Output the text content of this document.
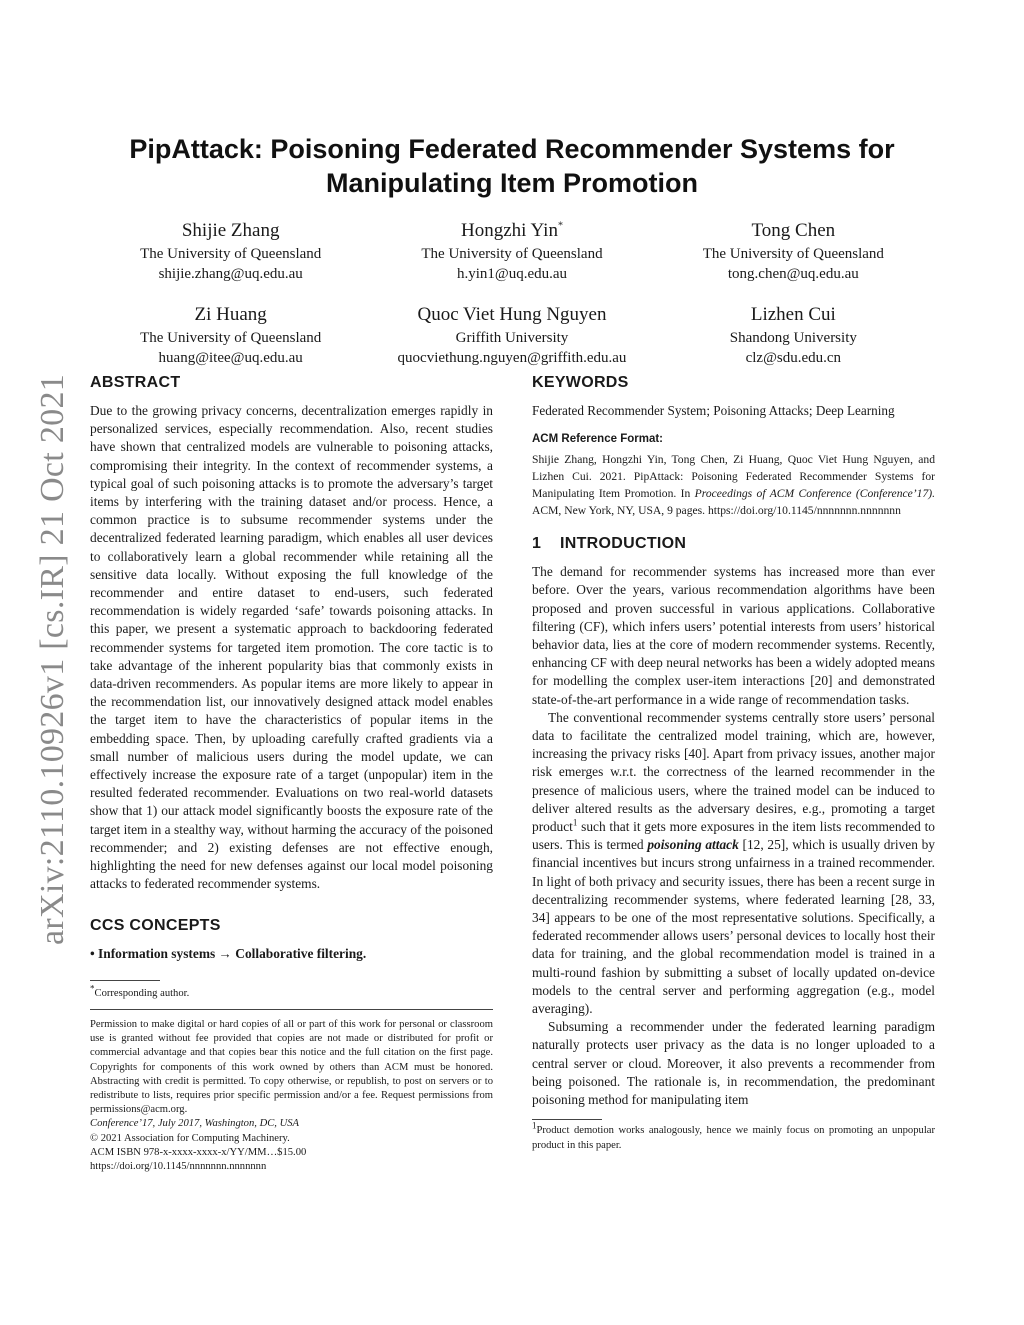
arXiv:2110.10926v1 [cs.IR] 21 Oct 2021
PipAttack: Poisoning Federated Recommender Systems for
Manipulating Item Promotion
Shijie Zhang
The University of Queensland
shijie.zhang@uq.edu.au
Hongzhi Yin*
The University of Queensland
h.yin1@uq.edu.au
Tong Chen
The University of Queensland
tong.chen@uq.edu.au
Zi Huang
The University of Queensland
huang@itee@uq.edu.au
Quoc Viet Hung Nguyen
Griffith University
quocviethung.nguyen@griffith.edu.au
Lizhen Cui
Shandong University
clz@sdu.edu.cn
ABSTRACT

Due to the growing privacy concerns, decentralization emerges rapidly in personalized services, especially recommendation. Also, recent studies have shown that centralized models are vulnerable to poisoning attacks, compromising their integrity. In the context of recommender systems, a typical goal of such poisoning attacks is to promote the adversary’s target items by interfering with the training dataset and/or process. Hence, a common practice is to subsume recommender systems under the decentralized federated learning paradigm, which enables all user devices to collaboratively learn a global recommender while retaining all the sensitive data locally. Without exposing the full knowledge of the recommender and entire dataset to end-users, such federated recommendation is widely regarded ‘safe’ towards poisoning attacks. In this paper, we present a systematic approach to backdooring federated recommender systems for targeted item promotion. The core tactic is to take advantage of the inherent popularity bias that commonly exists in data-driven recommenders. As popular items are more likely to appear in the recommendation list, our innovatively designed attack model enables the target item to have the characteristics of popular items in the embedding space. Then, by uploading carefully crafted gradients via a small number of malicious users during the model update, we can effectively increase the exposure rate of a target (unpopular) item in the resulted federated recommender. Evaluations on two real-world datasets show that 1) our attack model significantly boosts the exposure rate of the target item in a stealthy way, without harming the accuracy of the poisoned recommender; and 2) existing defenses are not effective enough, highlighting the need for new defenses against our local model poisoning attacks to federated recommender systems.

CCS CONCEPTS
• Information systems → Collaborative filtering.
*Corresponding author.

Permission to make digital or hard copies of all or part of this work for personal or classroom use is granted without fee provided that copies are not made or distributed for profit or commercial advantage and that copies bear this notice and the full citation on the first page. Copyrights for components of this work owned by others than ACM must be honored. Abstracting with credit is permitted. To copy otherwise, or republish, to post on servers or to redistribute to lists, requires prior specific permission and/or a fee. Request permissions from permissions@acm.org.

Conference’17, July 2017, Washington, DC, USA

© 2021 Association for Computing Machinery.

ACM ISBN 978-x-xxxx-xxxx-x/YY/MM…$15.00

https://doi.org/10.1145/nnnnnnn.nnnnnnn

KEYWORDS
Federated Recommender System; Poisoning Attacks; Deep Learning
ACM Reference Format:
Shijie Zhang, Hongzhi Yin, Tong Chen, Zi Huang, Quoc Viet Hung Nguyen, and Lizhen Cui. 2021. PipAttack: Poisoning Federated Recommender Systems for Manipulating Item Promotion. In Proceedings of ACM Conference (Conference’17). ACM, New York, NY, USA, 9 pages. https://doi.org/10.1145/nnnnnnn.nnnnnnn
1 INTRODUCTION

The demand for recommender systems has increased more than ever before. Over the years, various recommendation algorithms have been proposed and proven successful in various applications. Collaborative filtering (CF), which infers users’ potential interests from users’ historical behavior data, lies at the core of modern recommender systems. Recently, enhancing CF with deep neural networks has been a widely adopted means for modelling the complex user-item interactions [20] and demonstrated state-of-the-art performance in a wide range of recommendation tasks.

The conventional recommender systems centrally store users’ personal data to facilitate the centralized model training, which are, however, increasing the privacy risks [40]. Apart from privacy issues, another major risk emerges w.r.t. the correctness of the learned recommender in the presence of malicious users, where the trained model can be induced to deliver altered results as the adversary desires, e.g., promoting a target product$^1$ such that it gets more exposures in the item lists recommended to users. This is termed poisoning attack [12, 25], which is usually driven by financial incentives but incurs strong unfairness in a trained recommender. In light of both privacy and security issues, there has been a recent surge in decentralizing recommender systems, where federated learning [28, 33, 34] appears to be one of the most representative solutions. Specifically, a federated recommender allows users’ personal devices to locally host their data for training, and the global recommendation model is trained in a multi-round fashion by submitting a subset of locally updated on-device models to the central server and performing aggregation (e.g., model averaging).

Subsuming a recommender under the federated learning paradigm naturally protects user privacy as the data is no longer uploaded to a central server or cloud. Moreover, it also prevents a recommender from being poisoned. The rationale is, in recommendation, the predominant poisoning method for manipulating item

$^1$Product demotion works analogously, hence we mainly focus on promoting an unpopular product in this paper.
